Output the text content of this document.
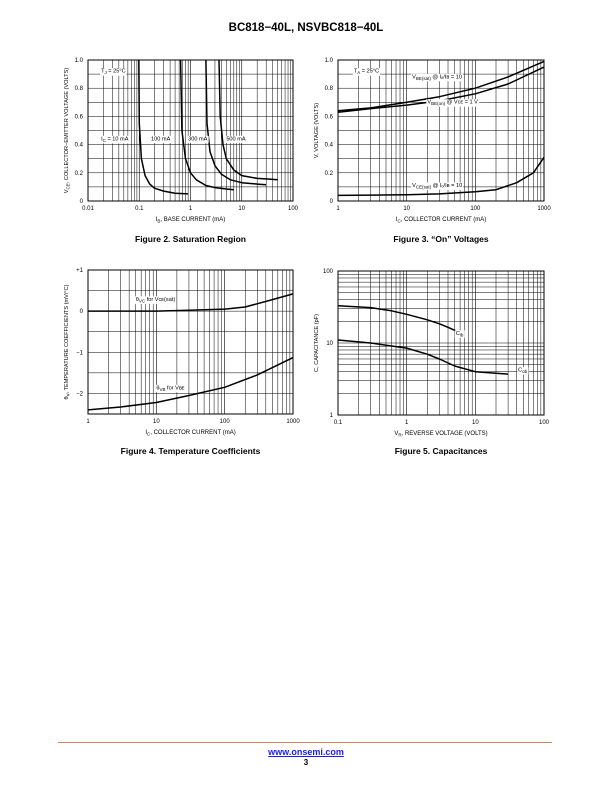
BC818−40L, NSVBC818−40L
0.01	0.1	1	10	100
0
0.2
0.4
0.6
0.8
1.0
$I_B$, BASE CURRENT (mA)
$V_{CE}$, COLLECTOR−EMITTER VOLTAGE (VOLTS)	$T_J = 25^\circ C$
$I_C = 10$ mA	100 mA	300 mA	500 mA
Figure 2. Saturation Region
1	10	100	1000
0
0.2
0.4
0.6
0.8
1.0
$I_C$, COLLECTOR CURRENT (mA)
V, VOLTAGE (VOLTS)
$T_A = 25^\circ C$
$V_{BE(sat)}$ @ Iₒ/Iʙ = 10
$V_{BE(on)}$ @ Vᴄᴇ = 1 V
$V_{CE(sat)}$ @ Iₒ/Iʙ = 10
Figure 3. “On” Voltages
1	10	100	1000
−2
−1
0
+1
$I_C$, COLLECTOR CURRENT (mA)
$\theta_V$, TEMPERATURE COEFFICIENTS (mV/°C)	$\theta_{VC}$ for Vᴄᴇ(sat)
$\theta_{VB}$ for Vʙᴇ
Figure 4. Temperature Coefficients
0.1	1	10	100
1
10
100
$V_R$, REVERSE VOLTAGE (VOLTS)
C, CAPACITANCE (pF)	$C_{ib}$
$C_{ob}$
Figure 5. Capacitances
www.onsemi.com
3
